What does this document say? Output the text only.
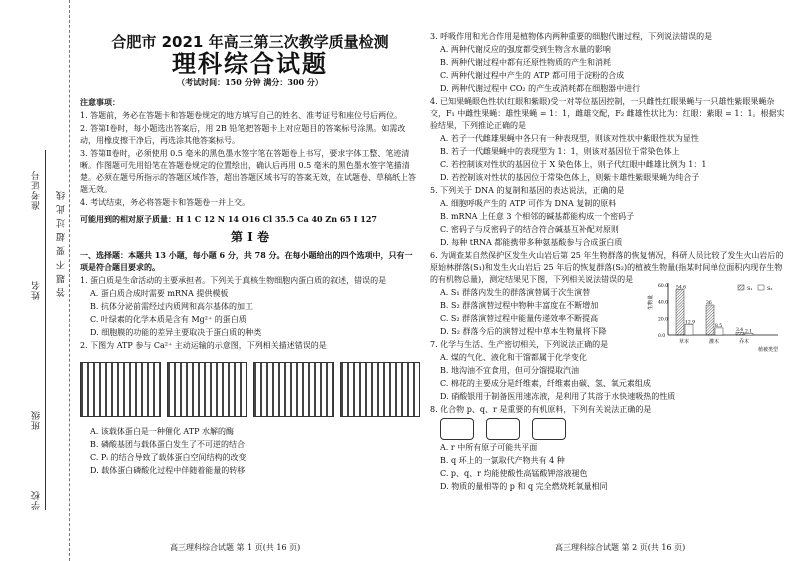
准考证号
姓名
班级
学校
答 题 不 要 超 过 此 线
合肥市 2021 年高三第三次教学质量检测
理科综合试题
（考试时间：150 分钟 满分：300 分）
注意事项：
1. 答题前，务必在答题卡和答题卷规定的地方填写自己的姓名、准考证号和座位号后两位。
2. 答第Ⅰ卷时，每小题选出答案后，用 2B 铅笔把答题卡上对应题目的答案标号涂黑。如需改动，用橡皮擦干净后，再选涂其他答案标号。
3. 答第Ⅱ卷时，必须使用 0.5 毫米的黑色墨水签字笔在答题卷上书写，要求字体工整、笔迹清晰。作图题可先用铅笔在答题卷规定的位置绘出，确认后再用 0.5 毫米的黑色墨水签字笔描清楚。必须在题号所指示的答题区域作答，超出答题区域书写的答案无效，在试题卷、草稿纸上答题无效。
4. 考试结束，务必将答题卡和答题卷一并上交。
可能用到的相对原子质量：H 1 C 12 N 14 O16 Cl 35.5 Ca 40 Zn 65 I 127
第 Ⅰ 卷
一、选择题：本题共 13 小题，每小题 6 分，共 78 分。在每小题给出的四个选项中，只有一项是符合题目要求的。
1. 蛋白质是生命活动的主要承担者。下列关于真核生物细胞内蛋白质的叙述，错误的是
A. 蛋白质合成时需要 mRNA 提供模板
B. 抗体分泌前需经过内质网和高尔基体的加工
C. 叶绿素的化学本质是含有 Mg²⁺ 的蛋白质
D. 细胞膜的功能的差异主要取决于蛋白质的种类
2. 下图为 ATP 参与 Ca²⁺ 主动运输的示意图，下列相关描述错误的是
A. 该载体蛋白是一种催化 ATP 水解的酶
B. 磷酸基团与载体蛋白发生了不可逆的结合
C. Pᵢ 的结合导致了载体蛋白空间结构的改变
D. 载体蛋白磷酸化过程中伴随着能量的转移
3. 呼吸作用和光合作用是植物体内两种重要的细胞代谢过程，下列说法错误的是
A. 两种代谢反应的强度都受到生物含水量的影响
B. 两种代谢过程中都有还原性物质的产生和消耗
C. 两种代谢过程中产生的 ATP 都可用于淀粉的合成
D. 两种代谢过程中 CO₂ 的产生或消耗都在细胞器中进行
4. 已知果蝇眼色性状(红眼和紫眼)受一对等位基因控制，一只雌性红眼果蝇与一只雄性紫眼果蝇杂交，F₁ 中雌性果蝇：雄性果蝇 = 1：1，雌雄交配，F₂ 雌雄性状比为：红眼：紫眼 = 1：1。根据实验结果，下列推论正确的是
A. 若子一代雌雄果蝇中各只有一种表现型，则该对性状中紫眼性状为显性
B. 若子一代雌果蝇中的表现型为 1：1，则该对基因位于常染色体上
C. 若控制该对性状的基因位于 X 染色体上，则子代红眼中雌雄比例为 1：1
D. 若控制该对性状的基因位于常染色体上，则紫卡雄性紫眼果蝇为纯合子
5. 下列关于 DNA 的复制和基因的表达说法，正确的是
A. 细胞呼吸产生的 ATP 可作为 DNA 复制的原料
B. mRNA 上任意 3 个相邻的碱基都能构成一个密码子
C. 密码子与反密码子的结合符合碱基互补配对原则
D. 每种 tRNA 都能携带多种氨基酸参与合成蛋白质
6. 为调查某自然保护区发生火山岩后第 25 年生物群落的恢复情况，科研人员比较了发生火山岩后的原始林群落(S₁)和发生火山岩后 25 年后的恢复群落(S₂)的植被生物量(指某时间单位面积内现存生物的有机物总量)，测定结果见下图，下列相关说法错误的是
A. S₁ 群落内发生的群落演替属于次生演替
B. S₂ 群落演替过程中物种丰富度在不断增加
C. S₂ 群落演替过程中能量传递效率不断提高
D. S₂ 群落今后的演替过程中草本生物量将下降
7. 化学与生活、生产密切相关，下列说法正确的是
A. 煤的气化、液化和干馏都属于化学变化
B. 地沟油不宜食用，但可分馏提取汽油
C. 棉花的主要成分是纤维素，纤维素由碳、氢、氧元素组成
D. 硝酸银用于制备医用速冻液，是利用了其溶于水快速吸热的性质
8. 化合物 p、q、r 是重要的有机原料，下列有关说法正确的是
A. r 中所有原子可能共平面
B. q 环上的一氯取代产物共有 4 种
C. p、q、r 均能使酸性高锰酸钾溶液褪色
D. 物质的量相等的 p 和 q 完全燃烧耗氧量相同
生物量
植被类型
54.6
12.9
草本
36
8.5
灌木
3.4 2.1
乔木
0.0
20.0
40.0
60.0	S₁	S₂
高三理科综合试题 第 1 页(共 16 页)	高三理科综合试题 第 2 页(共 16 页)
